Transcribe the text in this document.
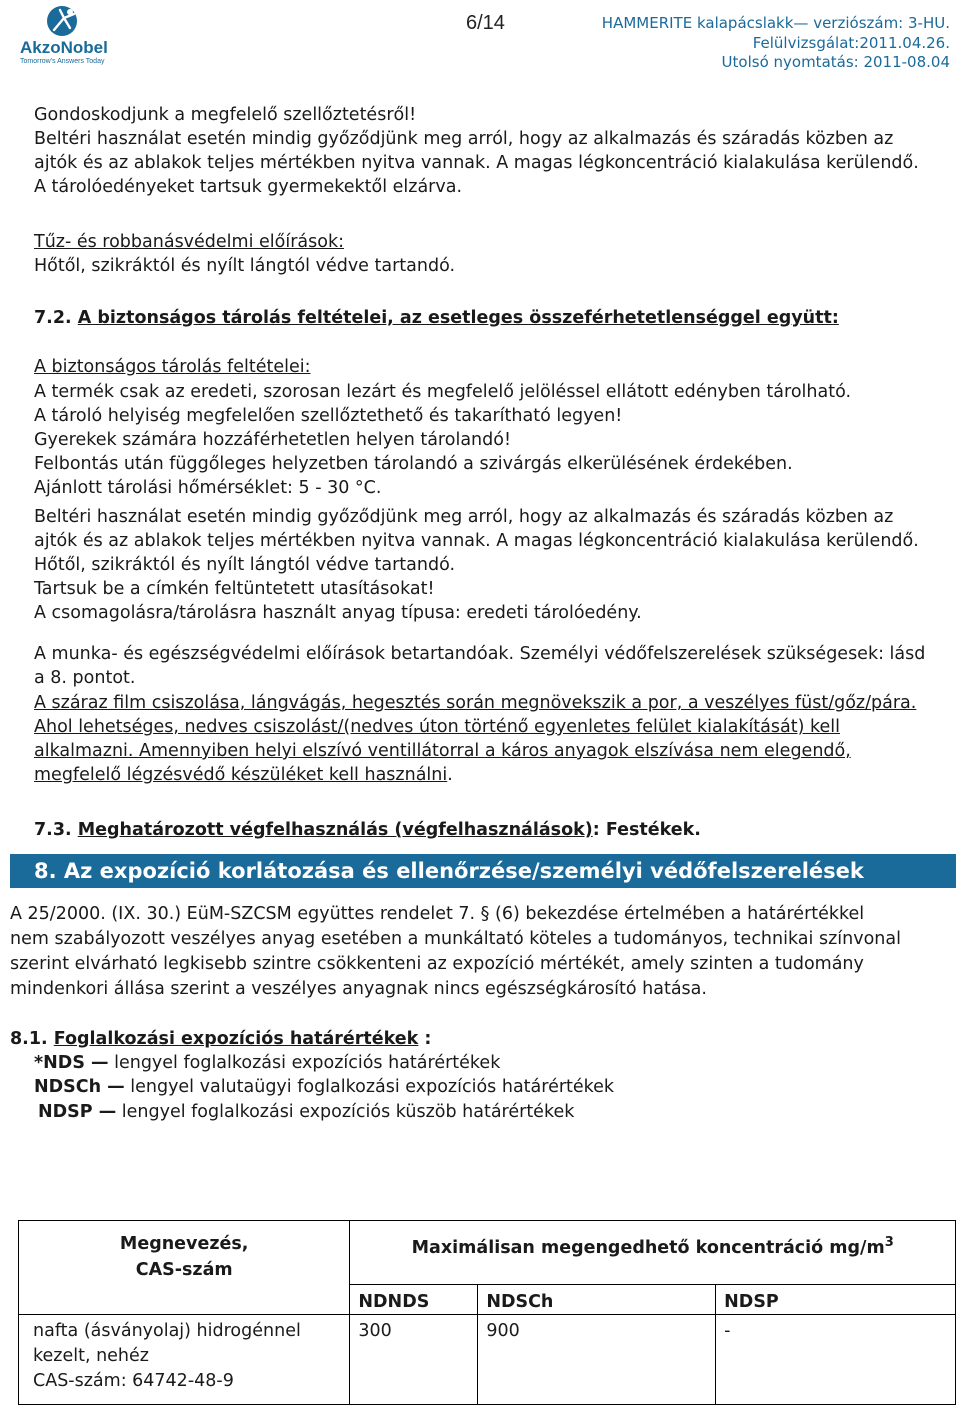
AkzoNobel
Tomorrow's Answers Today
6/14	HAMMERITE kalapácslakk— verziószám: 3-HU.
Felülvizsgálat:2011.04.26.
Utolsó nyomtatás: 2011-08.04
Gondoskodjunk a megfelelő szellőztetésről!
Beltéri használat esetén mindig győződjünk meg arról, hogy az alkalmazás és száradás közben az
ajtók és az ablakok teljes mértékben nyitva vannak. A magas légkoncentráció kialakulása kerülendő.
A tárolóedényeket tartsuk gyermekektől elzárva.
Tűz- és robbanásvédelmi előírások:
Hőtől, szikráktól és nyílt lángtól védve tartandó.
7.2. A biztonságos tárolás feltételei, az esetleges összeférhetetlenséggel együtt:
A biztonságos tárolás feltételei:
A termék csak az eredeti, szorosan lezárt és megfelelő jelöléssel ellátott edényben tárolható.
A tároló helyiség megfelelően szellőztethető és takarítható legyen!
Gyerekek számára hozzáférhetetlen helyen tárolandó!
Felbontás után függőleges helyzetben tárolandó a szivárgás elkerülésének érdekében.
Ajánlott tárolási hőmérséklet: 5 - 30 °C.
Beltéri használat esetén mindig győződjünk meg arról, hogy az alkalmazás és száradás közben az
ajtók és az ablakok teljes mértékben nyitva vannak. A magas légkoncentráció kialakulása kerülendő.
Hőtől, szikráktól és nyílt lángtól védve tartandó.
Tartsuk be a címkén feltüntetett utasításokat!
A csomagolásra/tárolásra használt anyag típusa: eredeti tárolóedény.
A munka- és egészségvédelmi előírások betartandóak. Személyi védőfelszerelések szükségesek: lásd
a 8. pontot.
A száraz film csiszolása, lángvágás, hegesztés során megnövekszik a por, a veszélyes füst/gőz/pára.
Ahol lehetséges, nedves csiszolást/(nedves úton történő egyenletes felület kialakítását) kell
alkalmazni. Amennyiben helyi elszívó ventillátorral a káros anyagok elszívása nem elegendő,
megfelelő légzésvédő készüléket kell használni.
7.3. Meghatározott végfelhasználás (végfelhasználások): Festékek.
8. Az expozíció korlátozása és ellenőrzése/személyi védőfelszerelések
A 25/2000. (IX. 30.) EüM-SZCSM együttes rendelet 7. § (6) bekezdése értelmében a határértékkel
nem szabályozott veszélyes anyag esetében a munkáltató köteles a tudományos, technikai színvonal
szerint elvárható legkisebb szintre csökkenteni az expozíció mértékét, amely szinten a tudomány
mindenkori állása szerint a veszélyes anyagnak nincs egészségkárosító hatása.
8.1. Foglalkozási expozíciós határértékek :
*NDS — lengyel foglalkozási expozíciós határértékek
NDSCh — lengyel valutaügyi foglalkozási expozíciós határértékek
NDSP — lengyel foglalkozási expozíciós küszöb határértékek
Megnevezés,
CAS-szám	Maximálisan megengedhető koncentráció $mg/m^3$
	NDNDS	NDSCh	NDSP

nafta (ásványolaj) hidrogénnel
kezelt, nehéz
CAS-szám: 64742-48-9	300	900	-
